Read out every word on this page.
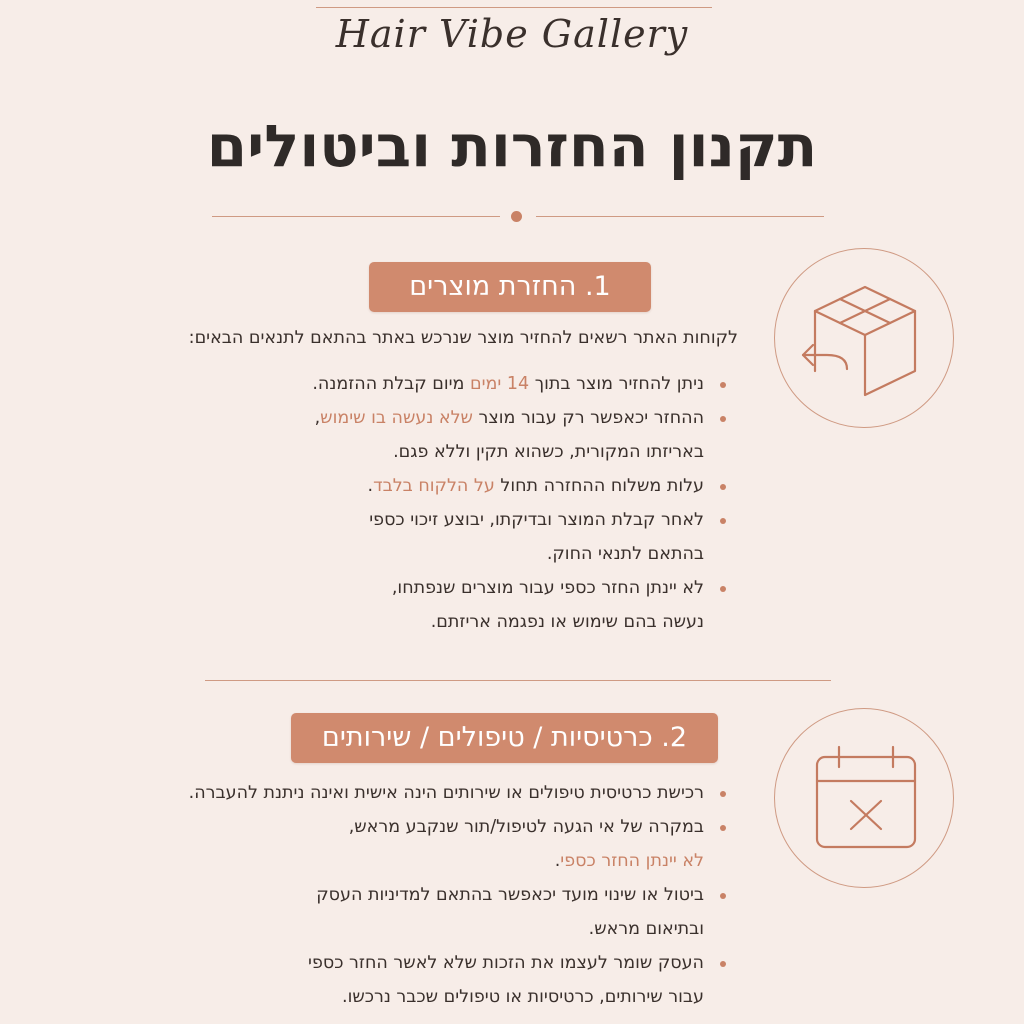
Hair Vibe Gallery
תקנון החזרות וביטולים
1. החזרת מוצרים
לקוחות האתר רשאים להחזיר מוצר שנרכש באתר בהתאם לתנאים הבאים:
ניתן להחזיר מוצר בתוך 14 ימים מיום קבלת ההזמנה.
ההחזר יכאפשר רק עבור מוצר שלא נעשה בו שימוש,
באריזתו המקורית, כשהוא תקין וללא פגם.
עלות משלוח ההחזרה תחול על הלקוח בלבד.
לאחר קבלת המוצר ובדיקתו, יבוצע זיכוי כספי
בהתאם לתנאי החוק.
לא יינתן החזר כספי עבור מוצרים שנפתחו,
נעשה בהם שימוש או נפגמה אריזתם.
2. כרטיסיות / טיפולים / שירותים
רכישת כרטיסית טיפולים או שירותים הינה אישית ואינה ניתנת להעברה.
במקרה של אי הגעה לטיפול/תור שנקבע מראש,
לא יינתן החזר כספי.
ביטול או שינוי מועד יכאפשר בהתאם למדיניות העסק
ובתיאום מראש.
העסק שומר לעצמו את הזכות שלא לאשר החזר כספי
עבור שירותים, כרטיסיות או טיפולים שכבר נרכשו.
